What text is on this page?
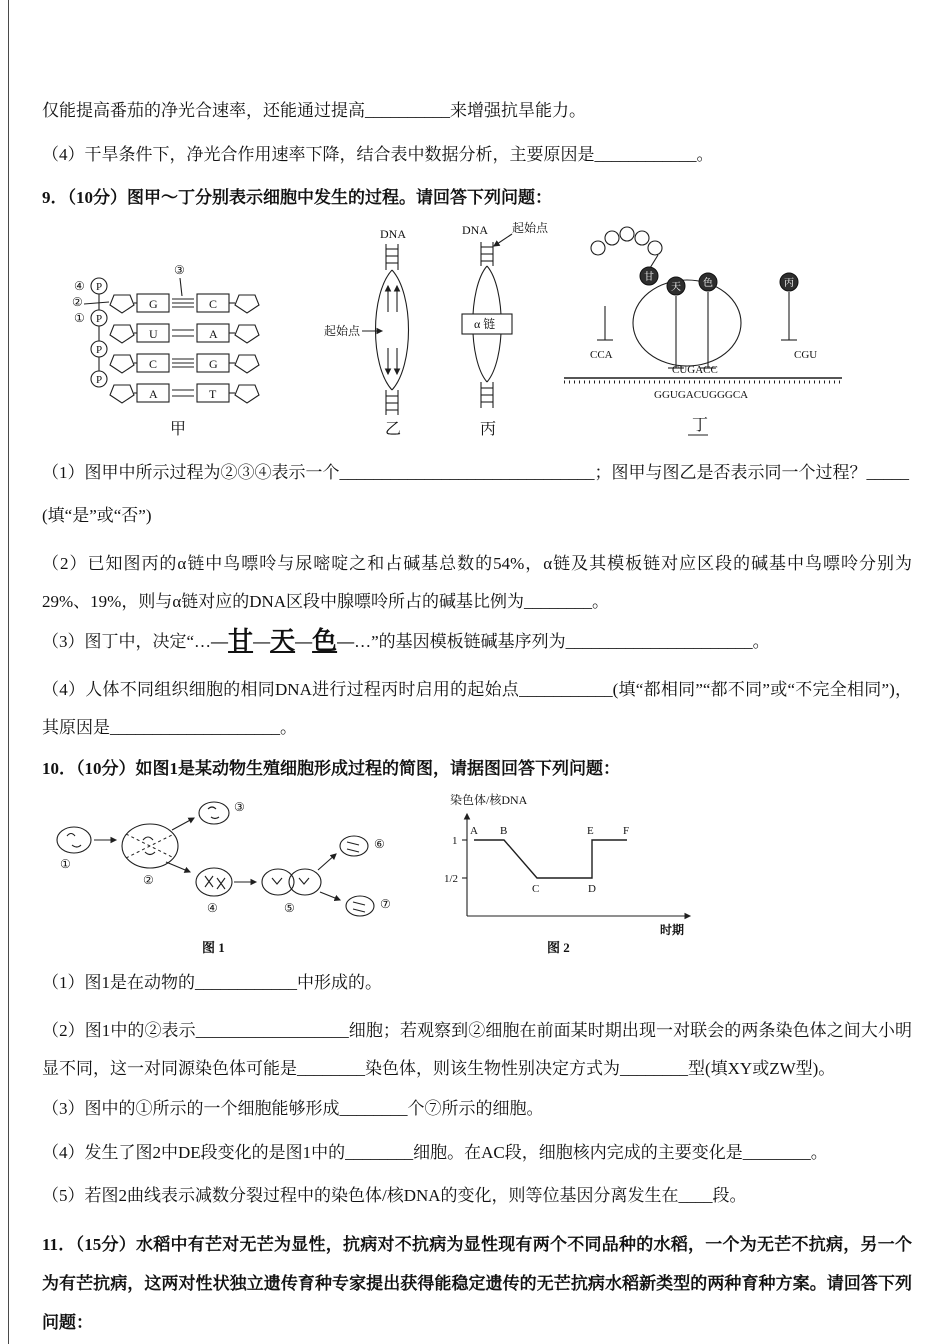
仅能提高番茄的净光合速率，还能通过提高__________来增强抗旱能力。

（4）干旱条件下，净光合作用速率下降，结合表中数据分析，主要原因是____________。

9．（10分）图甲～丁分别表示细胞中发生的过程。请回答下列问题：

P
④
P
①
P
P
②
③
G	C
U	A
C	G
A	T
甲
DNA
起始点
乙
DNA 起始点
α 链
丙
甘
天 色
CCA
丙
CGU
CUGACC
GGUGACUGGGCA
丁

（1）图甲中所示过程为②③④表示一个______________________________；图甲与图乙是否表示同一个过程？_____

(填“是”或“否”)

（2）已知图丙的α链中鸟嘌呤与尿嘧啶之和占碱基总数的54%，α链及其模板链对应区段的碱基中鸟嘌呤分别为29%、19%，则与α链对应的DNA区段中腺嘌呤所占的碱基比例为________。

（3）图丁中，决定“…—甘—天—色—…”的基因模板链碱基序列为______________________。

（4）人体不同组织细胞的相同DNA进行过程丙时启用的起始点___________(填“都相同”“都不同”或“不完全相同”)，其原因是____________________。

10．（10分）如图1是某动物生殖细胞形成过程的简图，请据图回答下列问题：

①
②
③
④	⑤
⑥
⑦
图 1
染色体/核DNA
1
1/2
A B
C	D
E	F
时期
图 2

（1）图1是在动物的____________中形成的。

（2）图1中的②表示__________________细胞；若观察到②细胞在前面某时期出现一对联会的两条染色体之间大小明显不同，这一对同源染色体可能是________染色体，则该生物性别决定方式为________型(填XY或ZW型)。

（3）图中的①所示的一个细胞能够形成________个⑦所示的细胞。

（4）发生了图2中DE段变化的是图1中的________细胞。在AC段，细胞核内完成的主要变化是________。

（5）若图2曲线表示减数分裂过程中的染色体/核DNA的变化，则等位基因分离发生在____段。

11．（15分）水稻中有芒对无芒为显性，抗病对不抗病为显性现有两个不同品种的水稻，一个为无芒不抗病，另一个为有芒抗病，这两对性状独立遗传育种专家提出获得能稳定遗传的无芒抗病水稻新类型的两种育种方案。请回答下列问题：
